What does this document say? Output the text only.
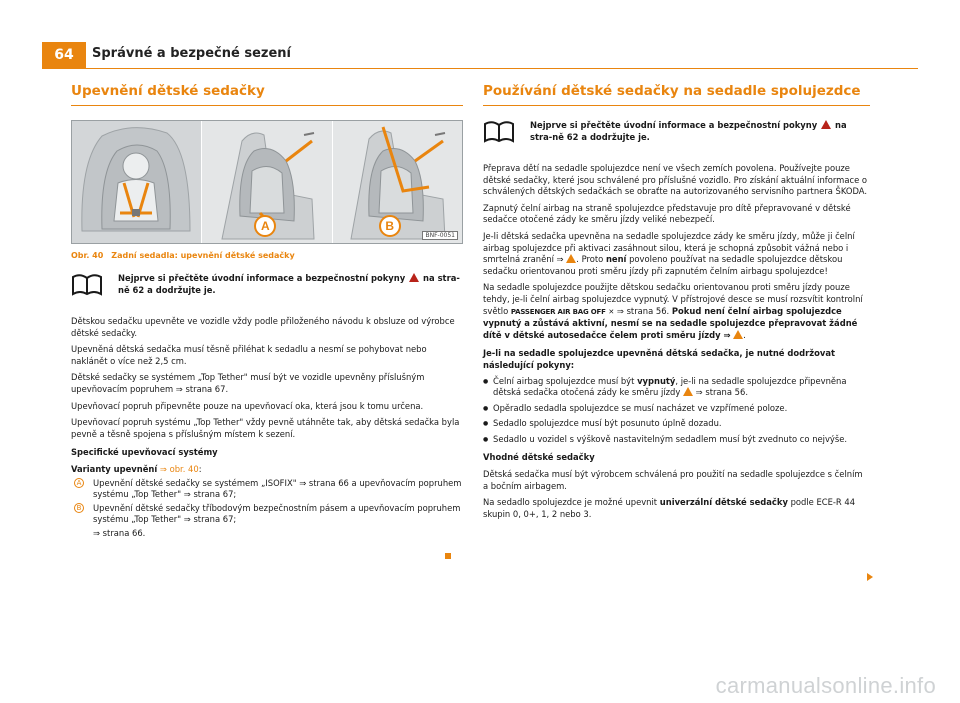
64	Správné a bezpečné sezení
Upevnění dětské sedačky
A	B
BNF-0051
Obr. 40 Zadní sedadla: upevnění dětské sedačky
Nejprve si přečtěte úvodní informace a bezpečnostní pokyny na stra-ně 62 a dodržujte je.
Dětskou sedačku upevněte ve vozidle vždy podle přiloženého návodu k obsluze od výrobce dětské sedačky.
Upevněná dětská sedačka musí těsně přiléhat k sedadlu a nesmí se pohybovat nebo naklánět o více než 2,5 cm.
Dětské sedačky se systémem „Top Tether" musí být ve vozidle upevněny příslušným upevňovacím popruhem ⇒ strana 67.
Upevňovací popruh připevněte pouze na upevňovací oka, která jsou k tomu určena.
Upevňovací popruh systému „Top Tether" vždy pevně utáhněte tak, aby dětská sedačka byla pevně a těsně spojena s příslušným místem k sezení.
Specifické upevňovací systémy
Varianty upevnění ⇒ obr. 40:
A	Upevnění dětské sedačky se systémem „ISOFIX" ⇒ strana 66 a upevňovacím popruhem systému „Top Tether" ⇒ strana 67;
B	Upevnění dětské sedačky tříbodovým bezpečnostním pásem a upevňovacím popruhem systému „Top Tether" ⇒ strana 67;
⇒ strana 66.
Používání dětské sedačky na sedadle spolujezdce
Nejprve si přečtěte úvodní informace a bezpečnostní pokyny na stra-ně 62 a dodržujte je.
Přeprava dětí na sedadle spolujezdce není ve všech zemích povolena. Používejte pouze dětské sedačky, které jsou schválené pro příslušné vozidlo. Pro získání aktuální informace o schválených dětských sedačkách se obraťte na autorizovaného servisního partnera ŠKODA.
Zapnutý čelní airbag na straně spolujezdce představuje pro dítě přepravované v dětské sedačce otočené zády ke směru jízdy veliké nebezpečí.
Je-li dětská sedačka upevněna na sedadle spolujezdce zády ke směru jízdy, může ji čelní airbag spolujezdce při aktivaci zasáhnout silou, která je schopná způsobit vážná nebo i smrtelná zranění ⇒ . Proto není povoleno používat na sedadle spolujezdce dětskou sedačku orientovanou proti směru jízdy při zapnutém čelním airbagu spolujezdce!
Na sedadle spolujezdce použijte dětskou sedačku orientovanou proti směru jízdy pouze tehdy, je-li čelní airbag spolujezdce vypnutý. V přístrojové desce se musí rozsvítit kontrolní světlo PASSENGER AIR BAG OFF ✕ ⇒ strana 56. Pokud není čelní airbag spolujezdce vypnutý a zůstává aktivní, nesmí se na sedadle spolujezdce přepravovat žádné dítě v dětské autosedačce čelem proti směru jízdy ⇒ .
Je-li na sedadle spolujezdce upevněná dětská sedačka, je nutné dodržovat následující pokyny:
● Čelní airbag spolujezdce musí být vypnutý, je-li na sedadle spolujezdce připevněna dětská sedačka otočená zády ke směru jízdy ⇒ strana 56.
● Opěradlo sedadla spolujezdce se musí nacházet ve vzpřímené poloze.
● Sedadlo spolujezdce musí být posunuto úplně dozadu.
● Sedadlo u vozidel s výškově nastavitelným sedadlem musí být zvednuto co nejvýše.
Vhodné dětské sedačky
Dětská sedačka musí být výrobcem schválená pro použití na sedadle spolujezdce s čelním a bočním airbagem.
Na sedadlo spolujezdce je možné upevnit univerzální dětské sedačky podle ECE-R 44 skupin 0, 0+, 1, 2 nebo 3.
carmanualsonline.info
